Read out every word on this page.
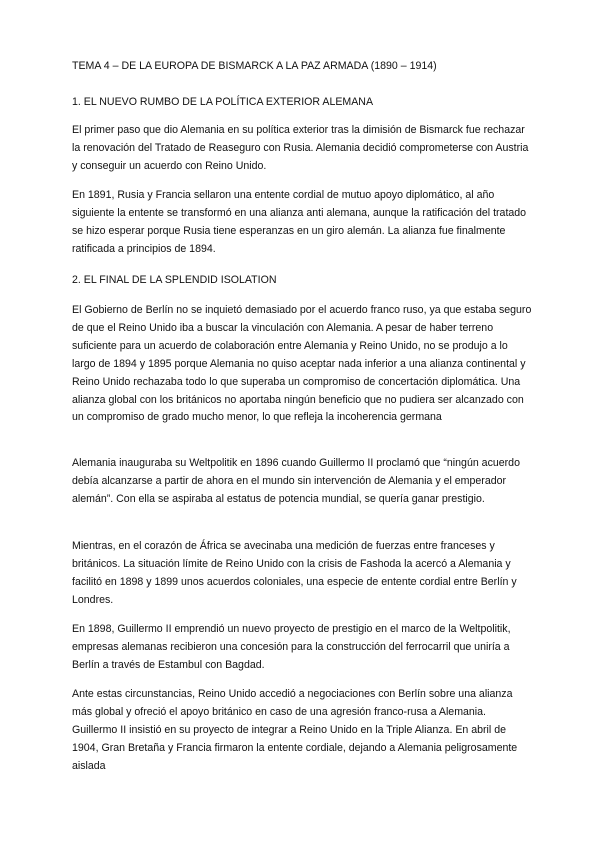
TEMA 4 – DE LA EUROPA DE BISMARCK A LA PAZ ARMADA (1890 – 1914)

1. EL NUEVO RUMBO DE LA POLÍTICA EXTERIOR ALEMANA

El primer paso que dio Alemania en su política exterior tras la dimisión de Bismarck fue rechazar la renovación del Tratado de Reaseguro con Rusia. Alemania decidió comprometerse con Austria y conseguir un acuerdo con Reino Unido.

En 1891, Rusia y Francia sellaron una entente cordial de mutuo apoyo diplomático, al año siguiente la entente se transformó en una alianza anti alemana, aunque la ratificación del tratado se hizo esperar porque Rusia tiene esperanzas en un giro alemán. La alianza fue finalmente ratificada a principios de 1894.

2. EL FINAL DE LA SPLENDID ISOLATION

El Gobierno de Berlín no se inquietó demasiado por el acuerdo franco ruso, ya que estaba seguro de que el Reino Unido iba a buscar la vinculación con Alemania. A pesar de haber terreno suficiente para un acuerdo de colaboración entre Alemania y Reino Unido, no se produjo a lo largo de 1894 y 1895 porque Alemania no quiso aceptar nada inferior a una alianza continental y Reino Unido rechazaba todo lo que superaba un compromiso de concertación diplomática. Una alianza global con los británicos no aportaba ningún beneficio que no pudiera ser alcanzado con un compromiso de grado mucho menor, lo que refleja la incoherencia germana

Alemania inauguraba su Weltpolitik en 1896 cuando Guillermo II proclamó que “ningún acuerdo debía alcanzarse a partir de ahora en el mundo sin intervención de Alemania y el emperador alemán”. Con ella se aspiraba al estatus de potencia mundial, se quería ganar prestigio.

Mientras, en el corazón de África se avecinaba una medición de fuerzas entre franceses y británicos. La situación límite de Reino Unido con la crisis de Fashoda la acercó a Alemania y facilitó en 1898 y 1899 unos acuerdos coloniales, una especie de entente cordial entre Berlín y Londres.

En 1898, Guillermo II emprendió un nuevo proyecto de prestigio en el marco de la Weltpolitik, empresas alemanas recibieron una concesión para la construcción del ferrocarril que uniría a Berlín a través de Estambul con Bagdad.

Ante estas circunstancias, Reino Unido accedió a negociaciones con Berlín sobre una alianza más global y ofreció el apoyo británico en caso de una agresión franco-rusa a Alemania. Guillermo II insistió en su proyecto de integrar a Reino Unido en la Triple Alianza. En abril de 1904, Gran Bretaña y Francia firmaron la entente cordiale, dejando a Alemania peligrosamente aislada
